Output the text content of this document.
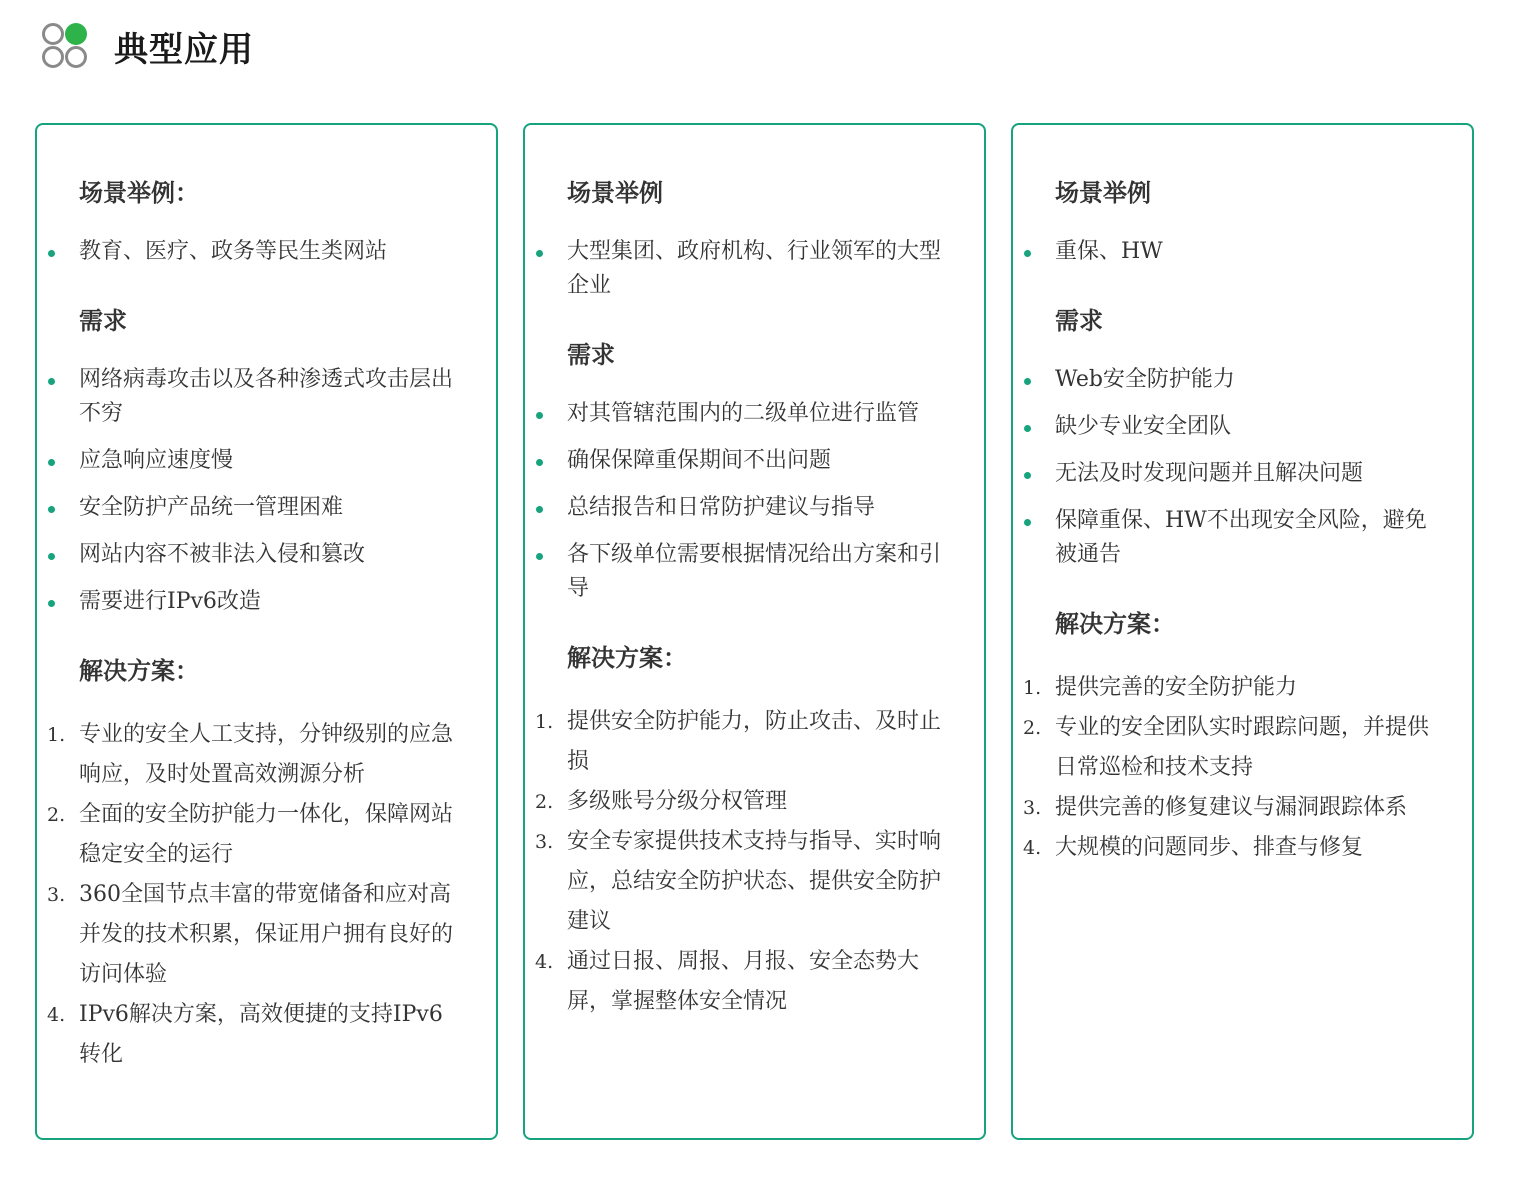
典型应用
场景举例：
教育、医疗、政务等民生类网站
需求
网络病毒攻击以及各种渗透式攻击层出不穷
应急响应速度慢
安全防护产品统一管理困难
网站内容不被非法入侵和篡改
需要进行IPv6改造
解决方案：
1. 专业的安全人工支持，分钟级别的应急响应，及时处置高效溯源分析
2. 全面的安全防护能力一体化，保障网站稳定安全的运行
3. 360全国节点丰富的带宽储备和应对高并发的技术积累，保证用户拥有良好的访问体验
4. IPv6解决方案，高效便捷的支持IPv6转化
场景举例
大型集团、政府机构、行业领军的大型企业
需求
对其管辖范围内的二级单位进行监管
确保保障重保期间不出问题
总结报告和日常防护建议与指导
各下级单位需要根据情况给出方案和引导
解决方案：
1. 提供安全防护能力，防止攻击、及时止损
2. 多级账号分级分权管理
3. 安全专家提供技术支持与指导、实时响应，总结安全防护状态、提供安全防护建议
4. 通过日报、周报、月报、安全态势大屏，掌握整体安全情况
场景举例
重保、HW
需求
Web安全防护能力
缺少专业安全团队
无法及时发现问题并且解决问题
保障重保、HW不出现安全风险，避免被通告
解决方案：
1. 提供完善的安全防护能力
2. 专业的安全团队实时跟踪问题，并提供日常巡检和技术支持
3. 提供完善的修复建议与漏洞跟踪体系
4. 大规模的问题同步、排查与修复
